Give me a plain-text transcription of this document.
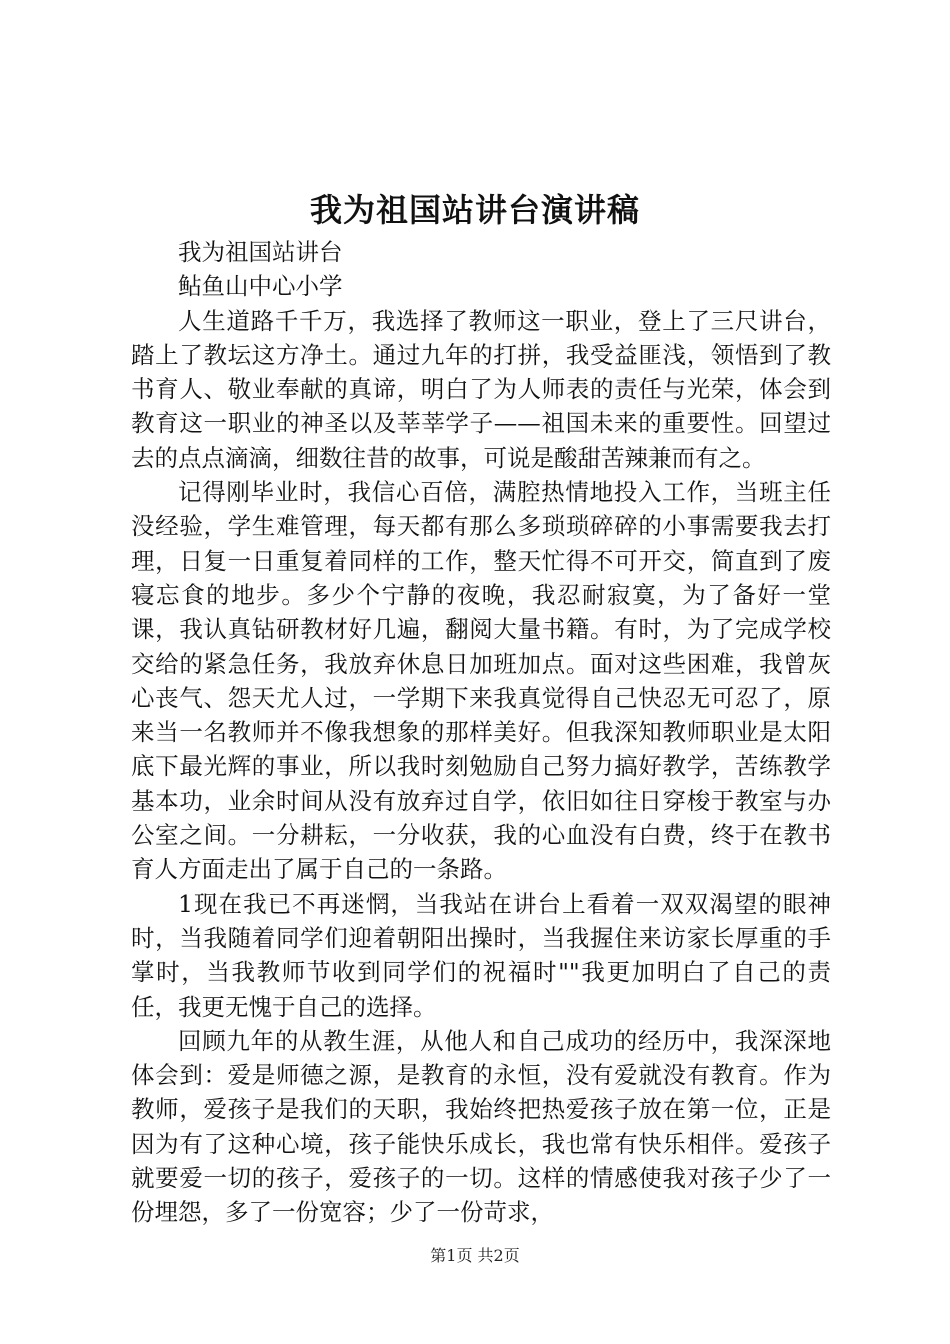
我为祖国站讲台演讲稿

我为祖国站讲台

鲇鱼山中心小学

人生道路千千万，我选择了教师这一职业，登上了三尺讲台，踏上了教坛这方净土。通过九年的打拼，我受益匪浅，领悟到了教书育人、敬业奉献的真谛，明白了为人师表的责任与光荣，体会到教育这一职业的神圣以及莘莘学子——祖国未来的重要性。回望过去的点点滴滴，细数往昔的故事，可说是酸甜苦辣兼而有之。

记得刚毕业时，我信心百倍，满腔热情地投入工作，当班主任没经验，学生难管理，每天都有那么多琐琐碎碎的小事需要我去打理，日复一日重复着同样的工作，整天忙得不可开交，简直到了废寝忘食的地步。多少个宁静的夜晚，我忍耐寂寞，为了备好一堂课，我认真钻研教材好几遍，翻阅大量书籍。有时，为了完成学校交给的紧急任务，我放弃休息日加班加点。面对这些困难，我曾灰心丧气、怨天尤人过，一学期下来我真觉得自己快忍无可忍了，原来当一名教师并不像我想象的那样美好。但我深知教师职业是太阳底下最光辉的事业，所以我时刻勉励自己努力搞好教学，苦练教学基本功，业余时间从没有放弃过自学，依旧如往日穿梭于教室与办公室之间。一分耕耘，一分收获，我的心血没有白费，终于在教书育人方面走出了属于自己的一条路。

1现在我已不再迷惘，当我站在讲台上看着一双双渴望的眼神时，当我随着同学们迎着朝阳出操时，当我握住来访家长厚重的手掌时，当我教师节收到同学们的祝福时""我更加明白了自己的责任，我更无愧于自己的选择。

回顾九年的从教生涯，从他人和自己成功的经历中，我深深地体会到：爱是师德之源，是教育的永恒，没有爱就没有教育。作为教师，爱孩子是我们的天职，我始终把热爱孩子放在第一位，正是因为有了这种心境，孩子能快乐成长，我也常有快乐相伴。爱孩子就要爱一切的孩子，爱孩子的一切。这样的情感使我对孩子少了一份埋怨，多了一份宽容；少了一份苛求，

第1页 共2页
